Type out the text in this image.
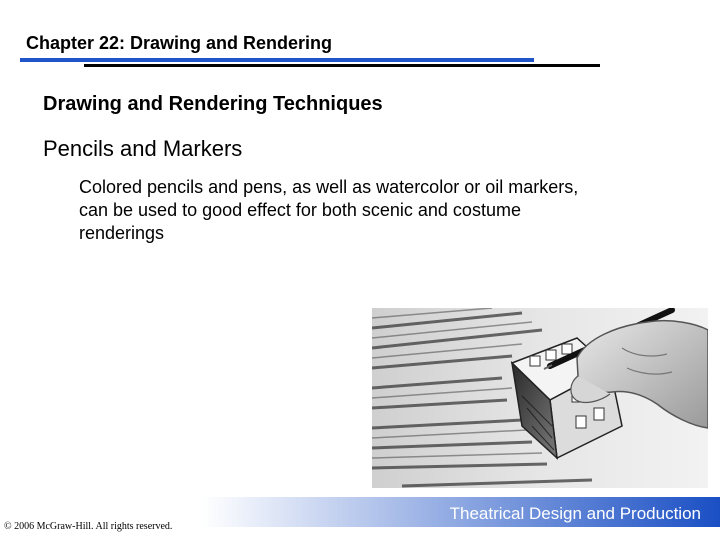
Chapter 22: Drawing and Rendering
Drawing and Rendering Techniques
Pencils and Markers
Colored pencils and pens, as well as watercolor or oil markers, can be used to good effect for both scenic and costume renderings
Theatrical Design and Production
© 2006 McGraw-Hill. All rights reserved.
